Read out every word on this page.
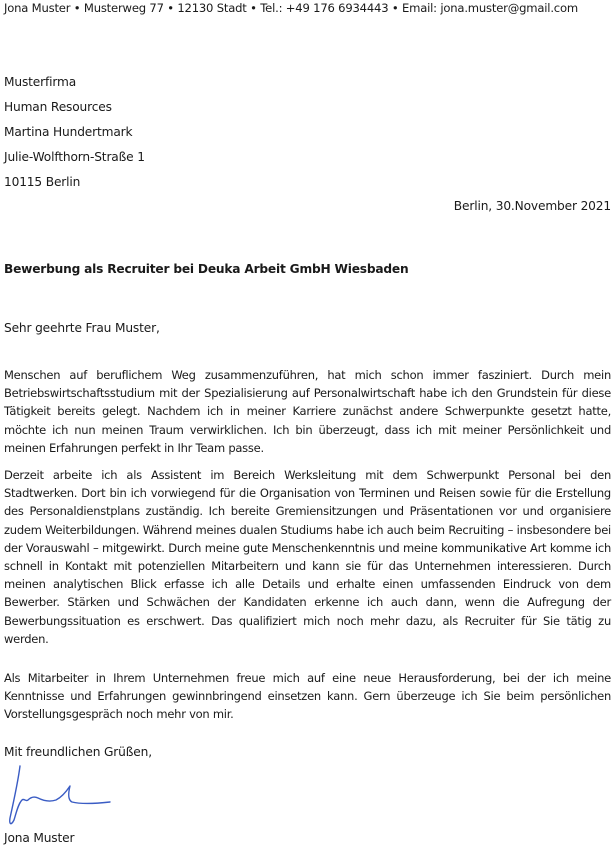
Jona Muster • Musterweg 77 • 12130 Stadt • Tel.: +49 176 6934443 • Email: jona.muster@gmail.com
Musterfirma
Human Resources
Martina Hundertmark
Julie-Wolfthorn-Straße 1
10115 Berlin
Berlin, 30.November 2021
Bewerbung als Recruiter bei Deuka Arbeit GmbH Wiesbaden
Sehr geehrte Frau Muster,

Menschen auf beruflichem Weg zusammenzuführen, hat mich schon immer fasziniert. Durch mein Betriebswirtschaftsstudium mit der Spezialisierung auf Personalwirtschaft habe ich den Grundstein für diese Tätigkeit bereits gelegt. Nachdem ich in meiner Karriere zunächst andere Schwerpunkte gesetzt hatte, möchte ich nun meinen Traum verwirklichen. Ich bin überzeugt, dass ich mit meiner Persönlichkeit und meinen Erfahrungen perfekt in Ihr Team passe.

Derzeit arbeite ich als Assistent im Bereich Werksleitung mit dem Schwerpunkt Personal bei den Stadtwerken. Dort bin ich vorwiegend für die Organisation von Terminen und Reisen sowie für die Erstellung des Personaldienstplans zuständig. Ich bereite Gremiensitzungen und Präsentationen vor und organisiere zudem Weiterbildungen. Während meines dualen Studiums habe ich auch beim Recruiting – insbesondere bei der Vorauswahl – mitgewirkt. Durch meine gute Menschenkenntnis und meine kommunikative Art komme ich schnell in Kontakt mit potenziellen Mitarbeitern und kann sie für das Unternehmen interessieren. Durch meinen analytischen Blick erfasse ich alle Details und erhalte einen umfassenden Eindruck von dem Bewerber. Stärken und Schwächen der Kandidaten erkenne ich auch dann, wenn die Aufregung der Bewerbungssituation es erschwert. Das qualifiziert mich noch mehr dazu, als Recruiter für Sie tätig zu werden.

Als Mitarbeiter in Ihrem Unternehmen freue mich auf eine neue Herausforderung, bei der ich meine Kenntnisse und Erfahrungen gewinnbringend einsetzen kann. Gern überzeuge ich Sie beim persönlichen Vorstellungsgespräch noch mehr von mir.

Mit freundlichen Grüßen,
Jona Muster
